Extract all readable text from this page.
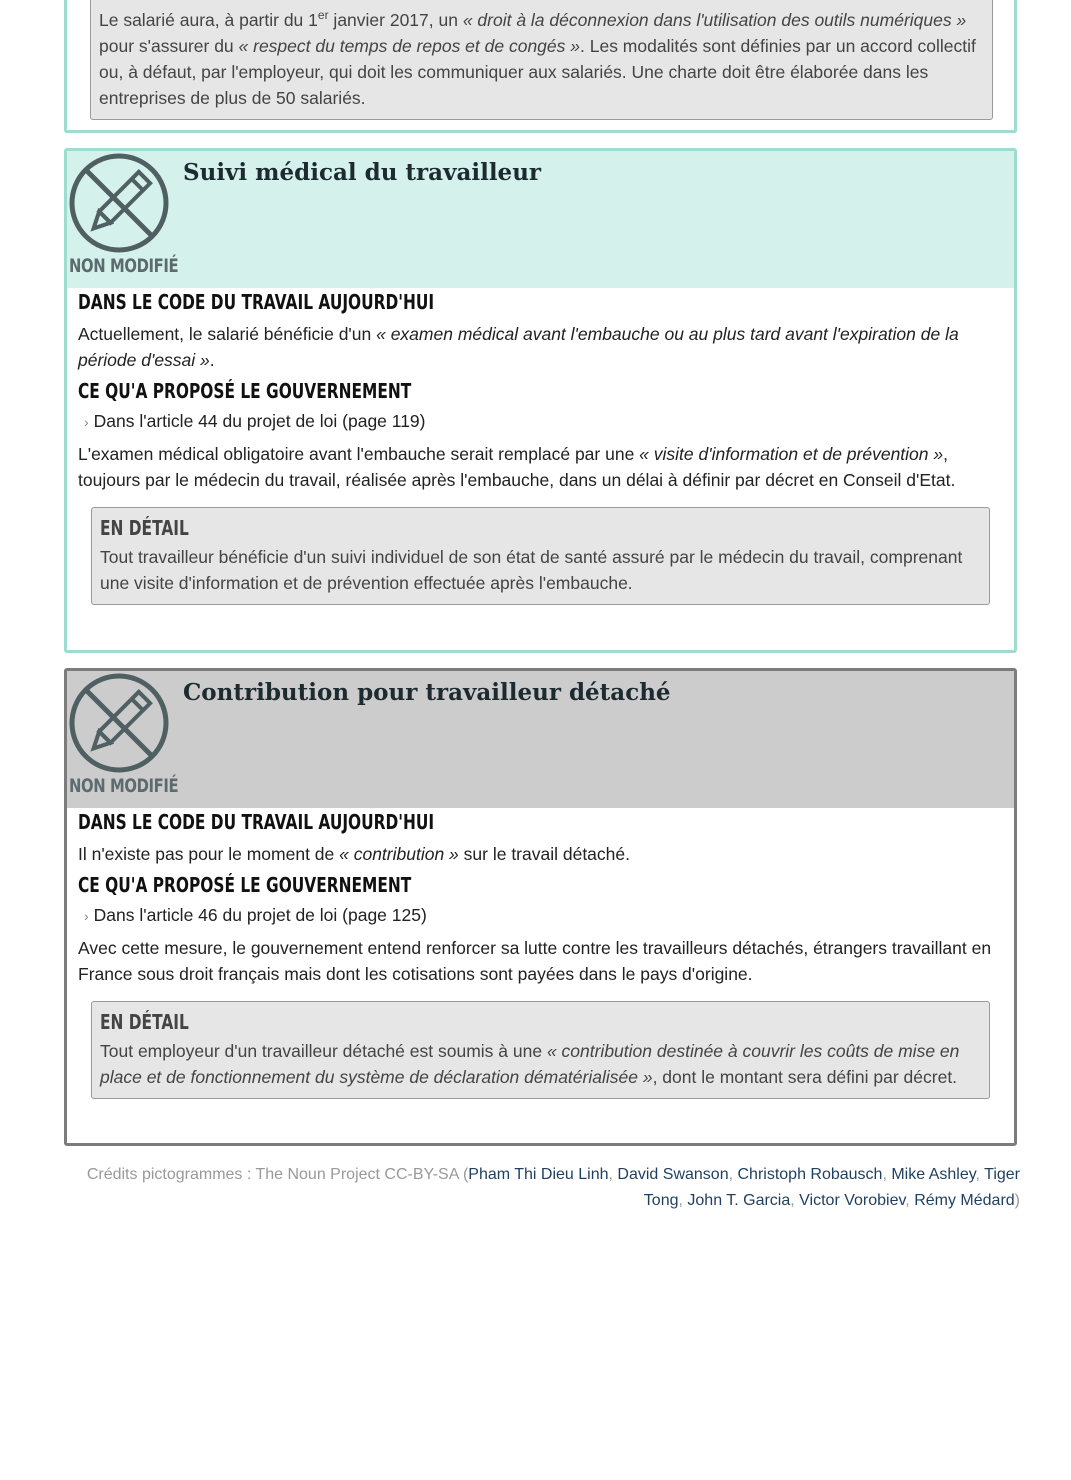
Le salarié aura, à partir du 1er janvier 2017, un « droit à la déconnexion dans l'utilisation des outils numériques » pour s'assurer du « respect du temps de repos et de congés ». Les modalités sont définies par un accord collectif ou, à défaut, par l'employeur, qui doit les communiquer aux salariés. Une charte doit être élaborée dans les entreprises de plus de 50 salariés.

NON MODIFIÉ
Suivi médical du travailleur
DANS LE CODE DU TRAVAIL AUJOURD'HUI

Actuellement, le salarié bénéficie d'un « examen médical avant l'embauche ou au plus tard avant l'expiration de la période d'essai ».

CE QU'A PROPOSÉ LE GOUVERNEMENT
› Dans l'article 44 du projet de loi (page 119)

L'examen médical obligatoire avant l'embauche serait remplacé par une « visite d'information et de prévention », toujours par le médecin du travail, réalisée après l'embauche, dans un délai à définir par décret en Conseil d'Etat.

EN DÉTAIL

Tout travailleur bénéficie d'un suivi individuel de son état de santé assuré par le médecin du travail, comprenant une visite d'information et de prévention effectuée après l'embauche.

NON MODIFIÉ
Contribution pour travailleur détaché
DANS LE CODE DU TRAVAIL AUJOURD'HUI

Il n'existe pas pour le moment de « contribution » sur le travail détaché.

CE QU'A PROPOSÉ LE GOUVERNEMENT
› Dans l'article 46 du projet de loi (page 125)

Avec cette mesure, le gouvernement entend renforcer sa lutte contre les travailleurs détachés, étrangers travaillant en France sous droit français mais dont les cotisations sont payées dans le pays d'origine.

EN DÉTAIL

Tout employeur d'un travailleur détaché est soumis à une « contribution destinée à couvrir les coûts de mise en place et de fonctionnement du système de déclaration dématérialisée », dont le montant sera défini par décret.

Crédits pictogrammes : The Noun Project CC-BY-SA (Pham Thi Dieu Linh, David Swanson, Christoph Robausch, Mike Ashley, Tiger Tong, John T. Garcia, Victor Vorobiev, Rémy Médard)
